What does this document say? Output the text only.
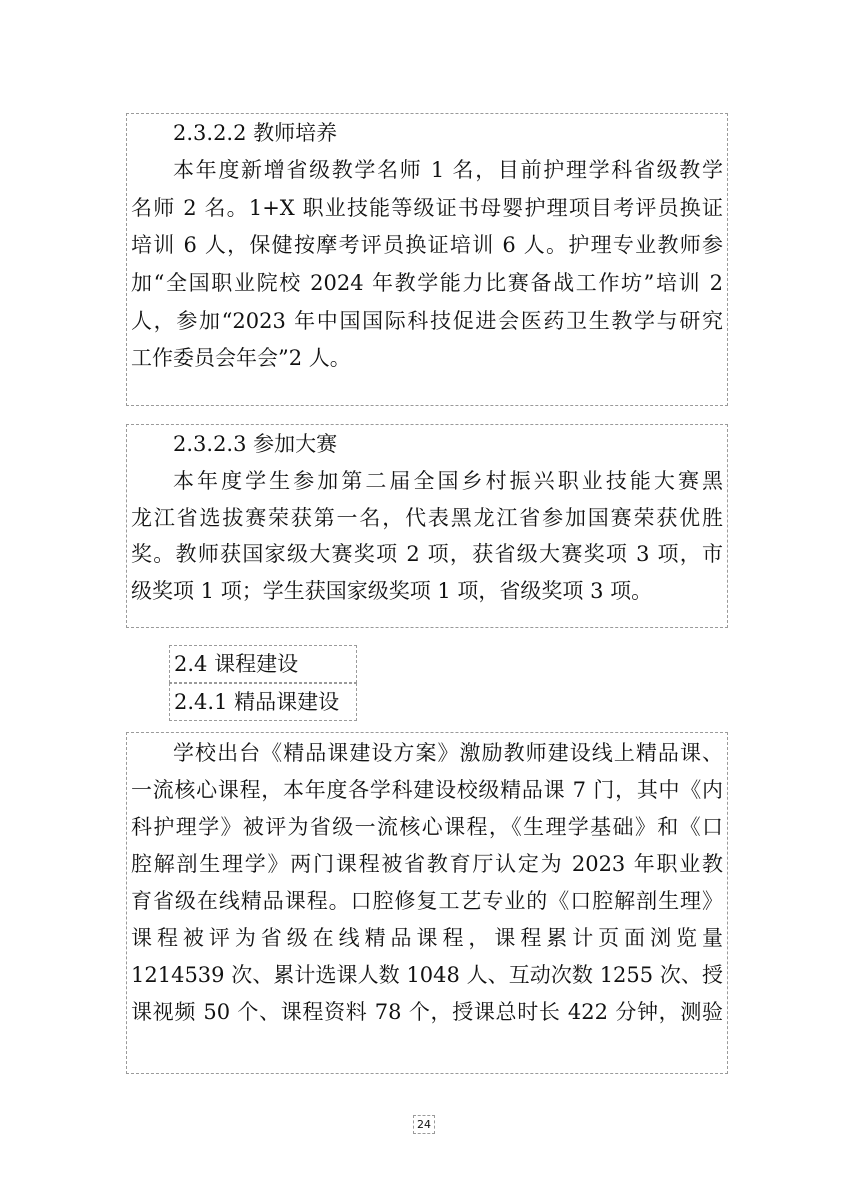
2.3.2.2 教师培养
本年度新增省级教学名师 1 名，目前护理学科省级教学
名师 2 名。1+X 职业技能等级证书母婴护理项目考评员换证
培训 6 人，保健按摩考评员换证培训 6 人。护理专业教师参
加“全国职业院校 2024 年教学能力比赛备战工作坊”培训 2
人，参加“2023 年中国国际科技促进会医药卫生教学与研究
工作委员会年会”2 人。
2.3.2.3 参加大赛
本年度学生参加第二届全国乡村振兴职业技能大赛黑
龙江省选拔赛荣获第一名，代表黑龙江省参加国赛荣获优胜
奖。教师获国家级大赛奖项 2 项，获省级大赛奖项 3 项，市
级奖项 1 项；学生获国家级奖项 1 项，省级奖项 3 项。
2.4 课程建设
2.4.1 精品课建设
学校出台《精品课建设方案》激励教师建设线上精品课、
一流核心课程，本年度各学科建设校级精品课 7 门，其中《内
科护理学》被评为省级一流核心课程，《生理学基础》和《口
腔解剖生理学》两门课程被省教育厅认定为 2023 年职业教
育省级在线精品课程。口腔修复工艺专业的《口腔解剖生理》
课程被评为省级在线精品课程，课程累计页面浏览量
1214539 次、累计选课人数 1048 人、互动次数 1255 次、授
课视频 50 个、课程资料 78 个，授课总时长 422 分钟，测验
24
